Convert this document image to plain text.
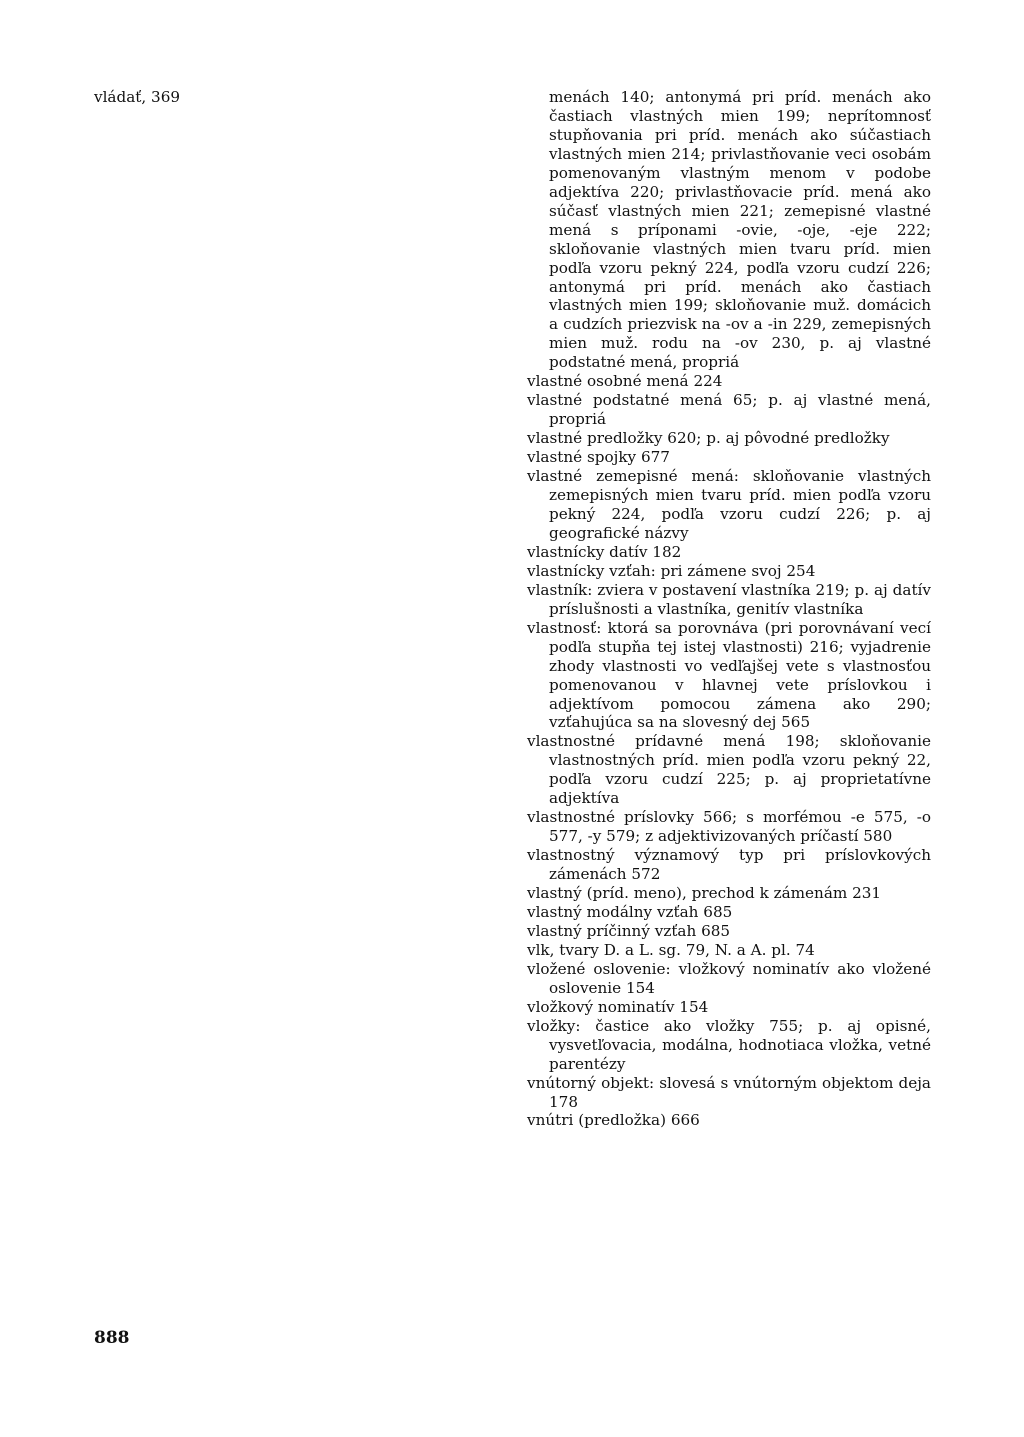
vládať, 369	menách 140; antonymá pri príd. menách ako častiach vlastných mien 199; neprítomnosť stupňovania pri príd. menách ako súčastiach vlastných mien 214; privlastňovanie veci osobám pomenovaným vlastným menom v podobe adjektíva 220; privlastňovacie príd. mená ako súčasť vlastných mien 221; zemepisné vlastné mená s príponami -ovie, -oje, -eje 222; skloňovanie vlastných mien tvaru príd. mien podľa vzoru pekný 224, podľa vzoru cudzí 226; antonymá pri príd. menách ako častiach vlastných mien 199; skloňovanie muž. domácich a cudzích priezvisk na -ov a -in 229, zemepisných mien muž. rodu na -ov 230, p. aj vlastné podstatné mená, propriá

vlastné osobné mená 224

vlastné podstatné mená 65; p. aj vlastné mená, propriá

vlastné predložky 620; p. aj pôvodné predložky

vlastné spojky 677

vlastné zemepisné mená: skloňovanie vlastných zemepisných mien tvaru príd. mien podľa vzoru pekný 224, podľa vzoru cudzí 226; p. aj geografické názvy

vlastnícky datív 182

vlastnícky vzťah: pri zámene svoj 254

vlastník: zviera v postavení vlastníka 219; p. aj datív príslušnosti a vlastníka, genitív vlastníka

vlastnosť: ktorá sa porovnáva (pri porovnávaní vecí podľa stupňa tej istej vlastnosti) 216; vyjadrenie zhody vlastnosti vo vedľajšej vete s vlastnosťou pomenovanou v hlavnej vete príslovkou i adjektívom pomocou zámena ako 290; vzťahujúca sa na slovesný dej 565

vlastnostné prídavné mená 198; skloňovanie vlastnostných príd. mien podľa vzoru pekný 22, podľa vzoru cudzí 225; p. aj proprietatívne adjektíva

vlastnostné príslovky 566; s morfémou -e 575, -o 577, -y 579; z adjektivizovaných príčastí 580

vlastnostný významový typ pri príslovkových zámenách 572

vlastný (príd. meno), prechod k zámenám 231

vlastný modálny vzťah 685

vlastný príčinný vzťah 685

vlk, tvary D. a L. sg. 79, N. a A. pl. 74

vložené oslovenie: vložkový nominatív ako vložené oslovenie 154

vložkový nominatív 154

vložky: častice ako vložky 755; p. aj opisné, vysvetľovacia, modálna, hodnotiaca vložka, vetné parentézy

vnútorný objekt: slovesá s vnútorným objektom deja 178

vnútri (predložka) 666

888
